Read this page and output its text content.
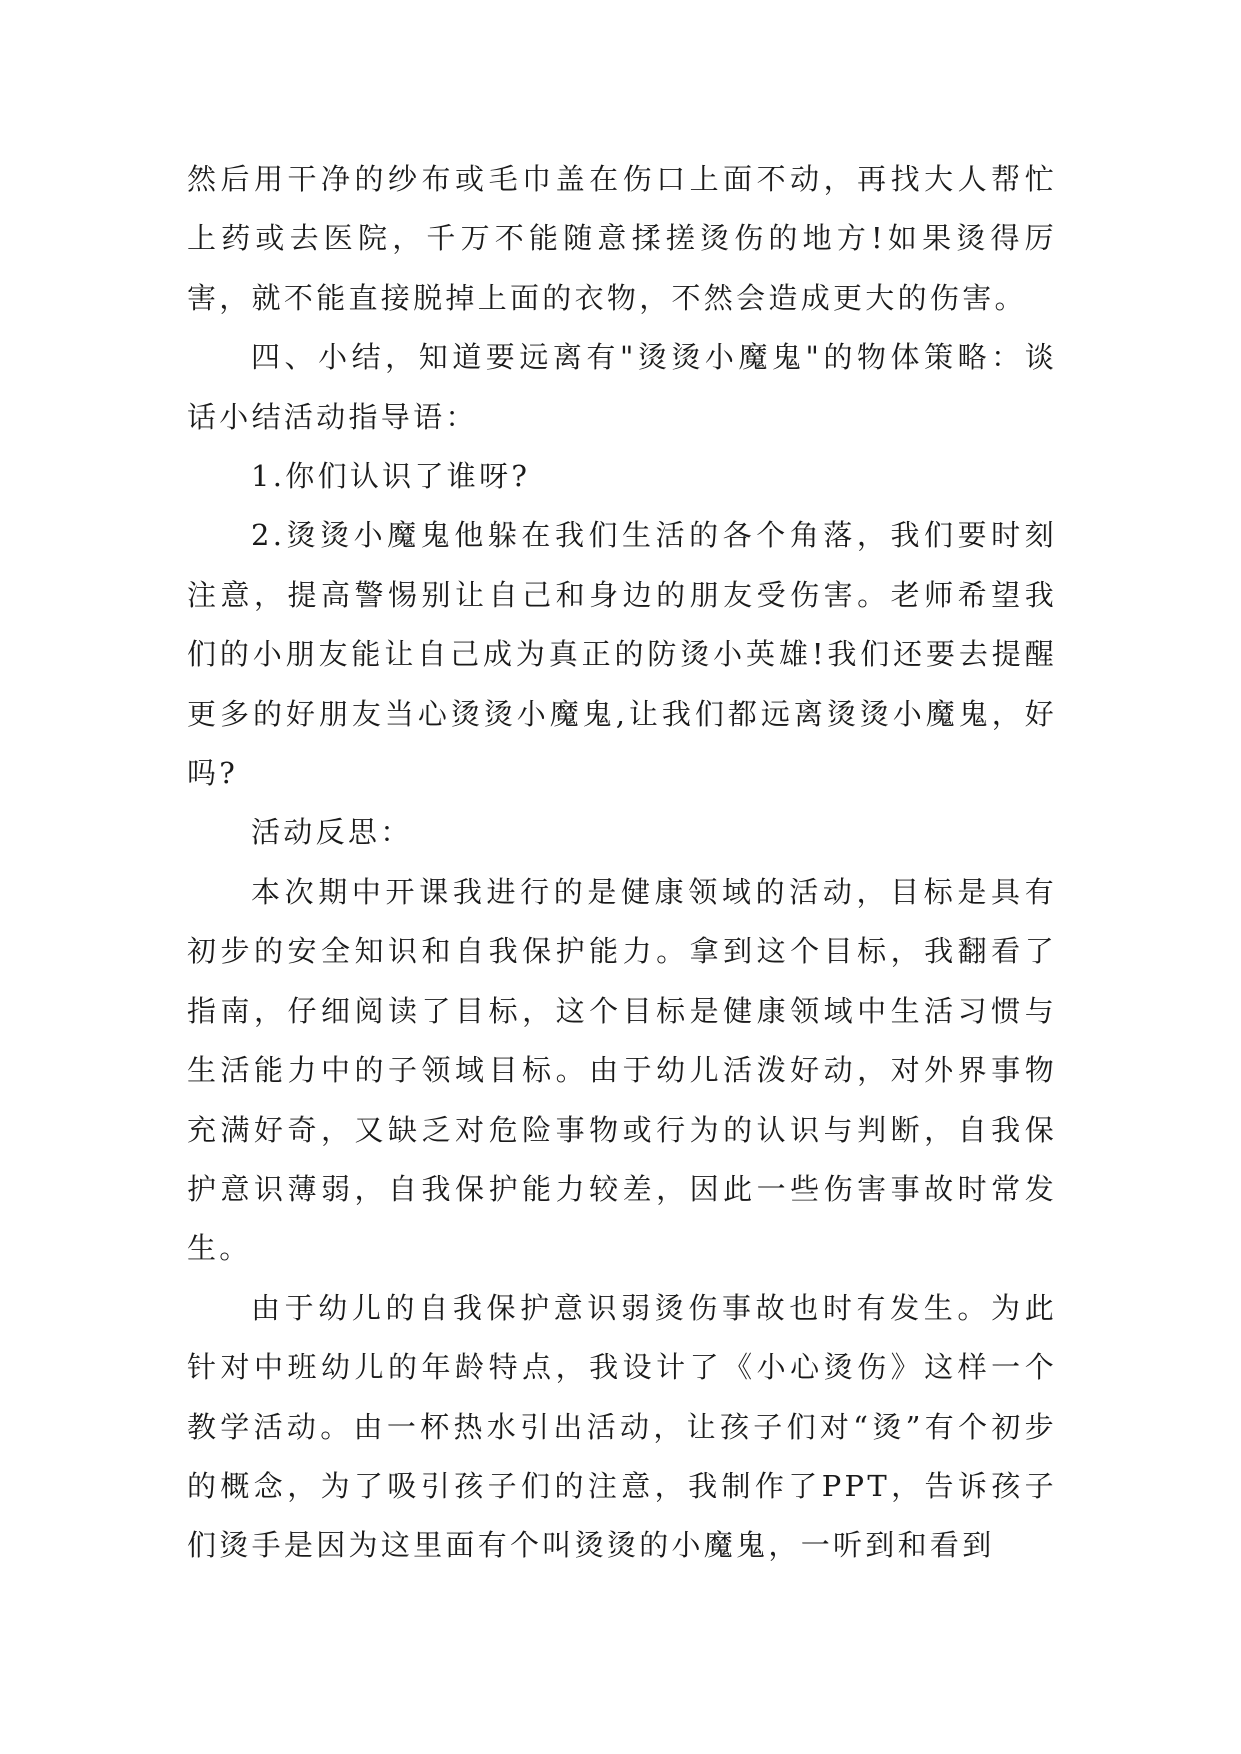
然后用干净的纱布或毛巾盖在伤口上面不动，再找大人帮忙上药或去医院，千万不能随意揉搓烫伤的地方!如果烫得厉害，就不能直接脱掉上面的衣物，不然会造成更大的伤害。

四、小结，知道要远离有"烫烫小魔鬼"的物体策略：谈话小结活动指导语：

1.你们认识了谁呀?

2.烫烫小魔鬼他躲在我们生活的各个角落，我们要时刻注意，提高警惕别让自己和身边的朋友受伤害。老师希望我们的小朋友能让自己成为真正的防烫小英雄!我们还要去提醒更多的好朋友当心烫烫小魔鬼,让我们都远离烫烫小魔鬼，好吗?

活动反思：

本次期中开课我进行的是健康领域的活动，目标是具有初步的安全知识和自我保护能力。拿到这个目标，我翻看了指南，仔细阅读了目标，这个目标是健康领域中生活习惯与生活能力中的子领域目标。由于幼儿活泼好动，对外界事物充满好奇，又缺乏对危险事物或行为的认识与判断，自我保护意识薄弱，自我保护能力较差，因此一些伤害事故时常发生。

由于幼儿的自我保护意识弱烫伤事故也时有发生。为此针对中班幼儿的年龄特点，我设计了《小心烫伤》这样一个教学活动。由一杯热水引出活动，让孩子们对“烫”有个初步的概念，为了吸引孩子们的注意，我制作了PPT，告诉孩子们烫手是因为这里面有个叫烫烫的小魔鬼，一听到和看到
